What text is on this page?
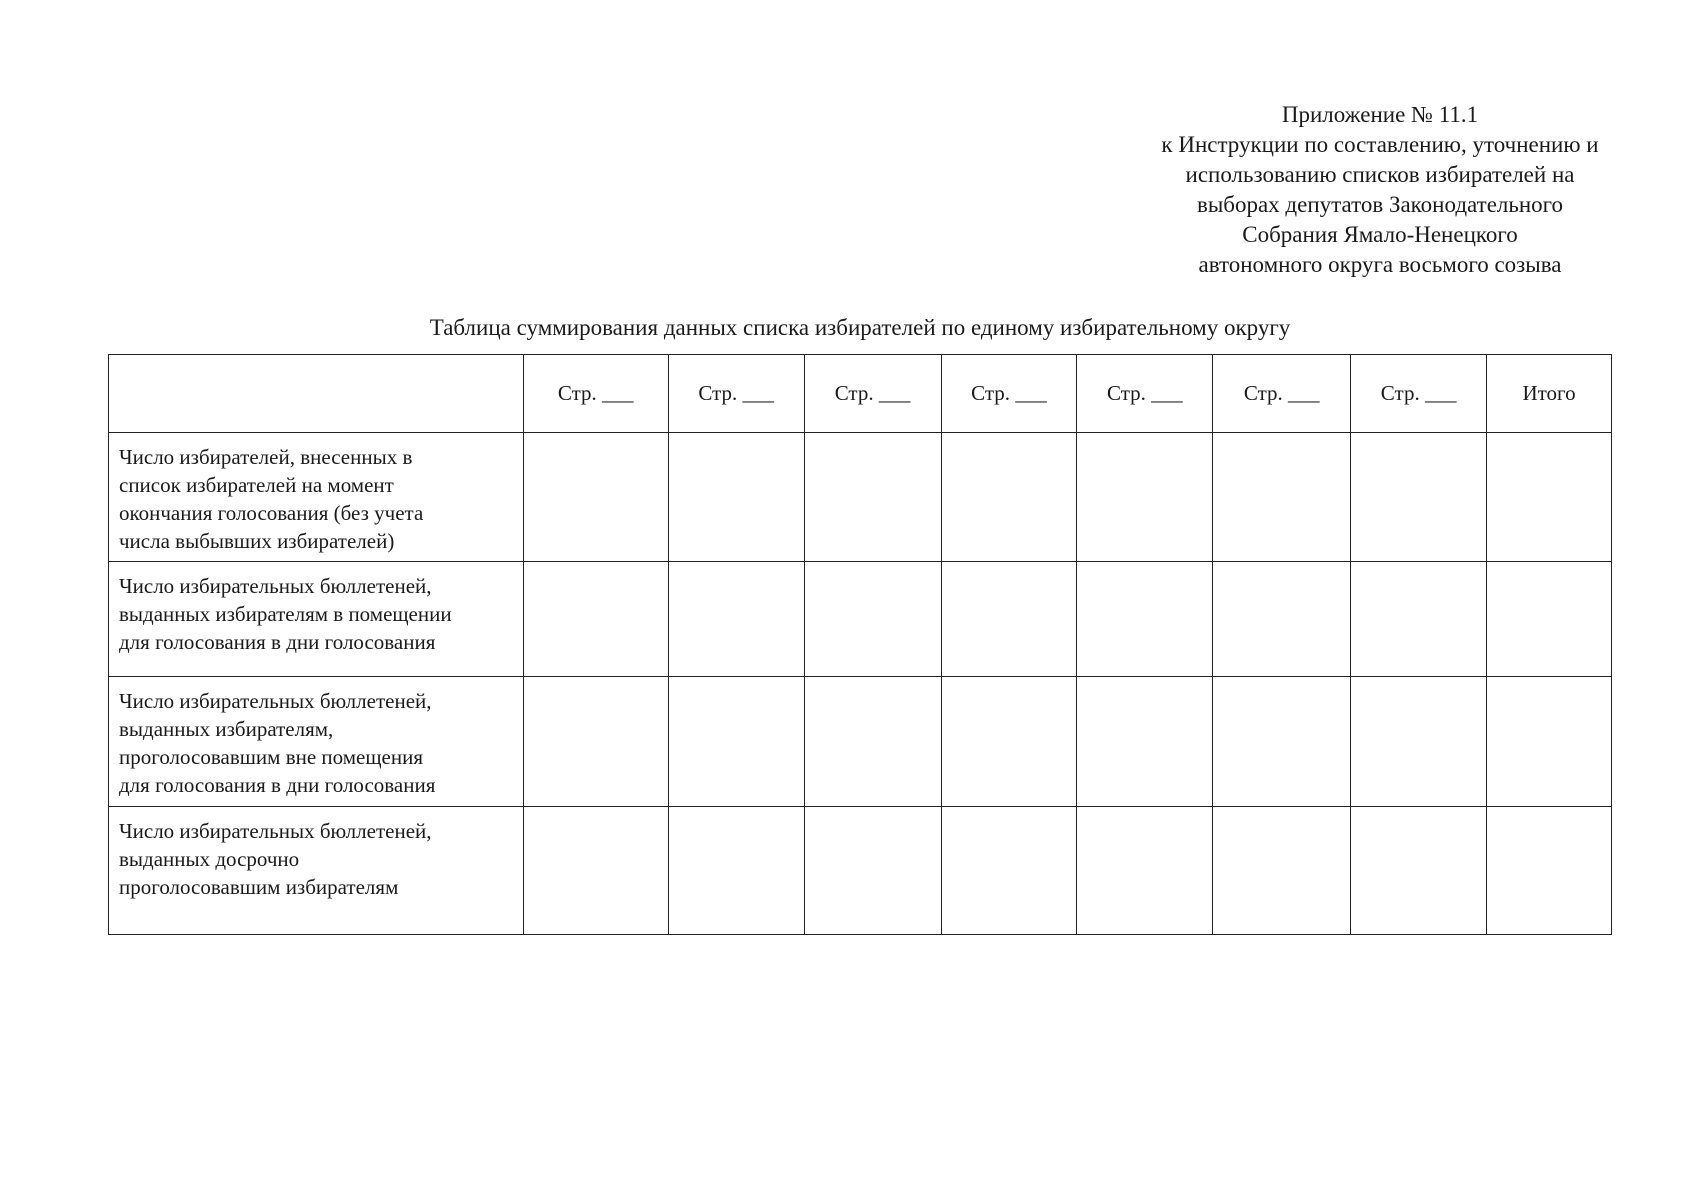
Приложение № 11.1
к Инструкции по составлению, уточнению и
использованию списков избирателей на
выборах депутатов Законодательного
Собрания Ямало-Ненецкого
автономного округа восьмого созыва
Таблица суммирования данных списка избирателей по единому избирательному округу
	Стр. ___	Стр. ___	Стр. ___	Стр. ___	Стр. ___	Стр. ___	Стр. ___	Итого

Число избирателей, внесенных в
список избирателей на момент
окончания голосования (без учета
числа выбывших избирателей)								

Число избирательных бюллетеней,
выданных избирателям в помещении
для голосования в дни голосования								

Число избирательных бюллетеней,
выданных избирателям,
проголосовавшим вне помещения
для голосования в дни голосования								

Число избирательных бюллетеней,
выданных досрочно
проголосовавшим избирателям								
